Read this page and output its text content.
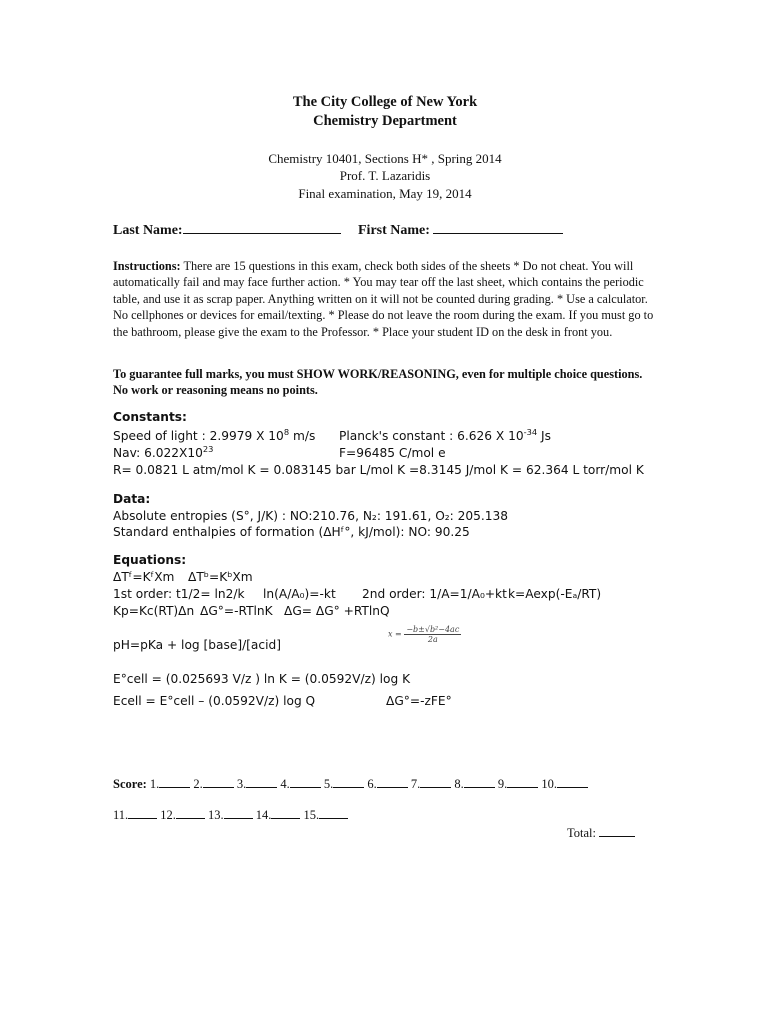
The City College of New York
Chemistry Department
Chemistry 10401, Sections H* , Spring 2014
Prof. T. Lazaridis
Final examination, May 19, 2014
Last Name:	First Name:
Instructions: There are 15 questions in this exam, check both sides of the sheets * Do not cheat. You will automatically fail and may face further action. * You may tear off the last sheet, which contains the periodic table, and use it as scrap paper. Anything written on it will not be counted during grading. * Use a calculator. No cellphones or devices for email/texting. * Please do not leave the room during the exam. If you must go to the bathroom, please give the exam to the Professor. * Place your student ID on the desk in front you.
To guarantee full marks, you must SHOW WORK/REASONING, even for multiple choice questions. No work or reasoning means no points.
Constants:
Speed of light : 2.9979 X $10^8$ m/s Planck's constant : 6.626 X $10^{-34}$ Js
Nav: $6.022X10^{23}$	F=96485 C/mol e
R= 0.0821 L atm/mol K = 0.083145 bar L/mol K =8.3145 J/mol K = 62.364 L torr/mol K
Data:
Absolute entropies (S°, J/K) : NO:210.76, N₂: 191.61, O₂: 205.138
Standard enthalpies of formation (ΔHᶠ°, kJ/mol): NO: 90.25
Equations:
ΔTᶠ=KᶠXm ΔTᵇ=KᵇXm
1st order: t1/2= ln2/k ln(A/A₀)=-kt 2nd order: 1/A=1/A₀+kt k=Aexp(-Eₐ/RT)
Kp=Kc(RT)Δn ΔG°=-RTlnK ΔG= ΔG° +RTlnQ
$x = \frac{\text{−b±√b²−4ac}}{2a}$
pH=pKa + log [base]/[acid]
E°cell = (0.025693 V/z ) ln K = (0.0592V/z) log K
Ecell = E°cell – (0.0592V/z) log Q	ΔG°=-zFE°
Score: 1.	2.	3.	4.	5.	6.	7.	8.	9.	10.
11.	12.	13.	14.	15.
Total:
